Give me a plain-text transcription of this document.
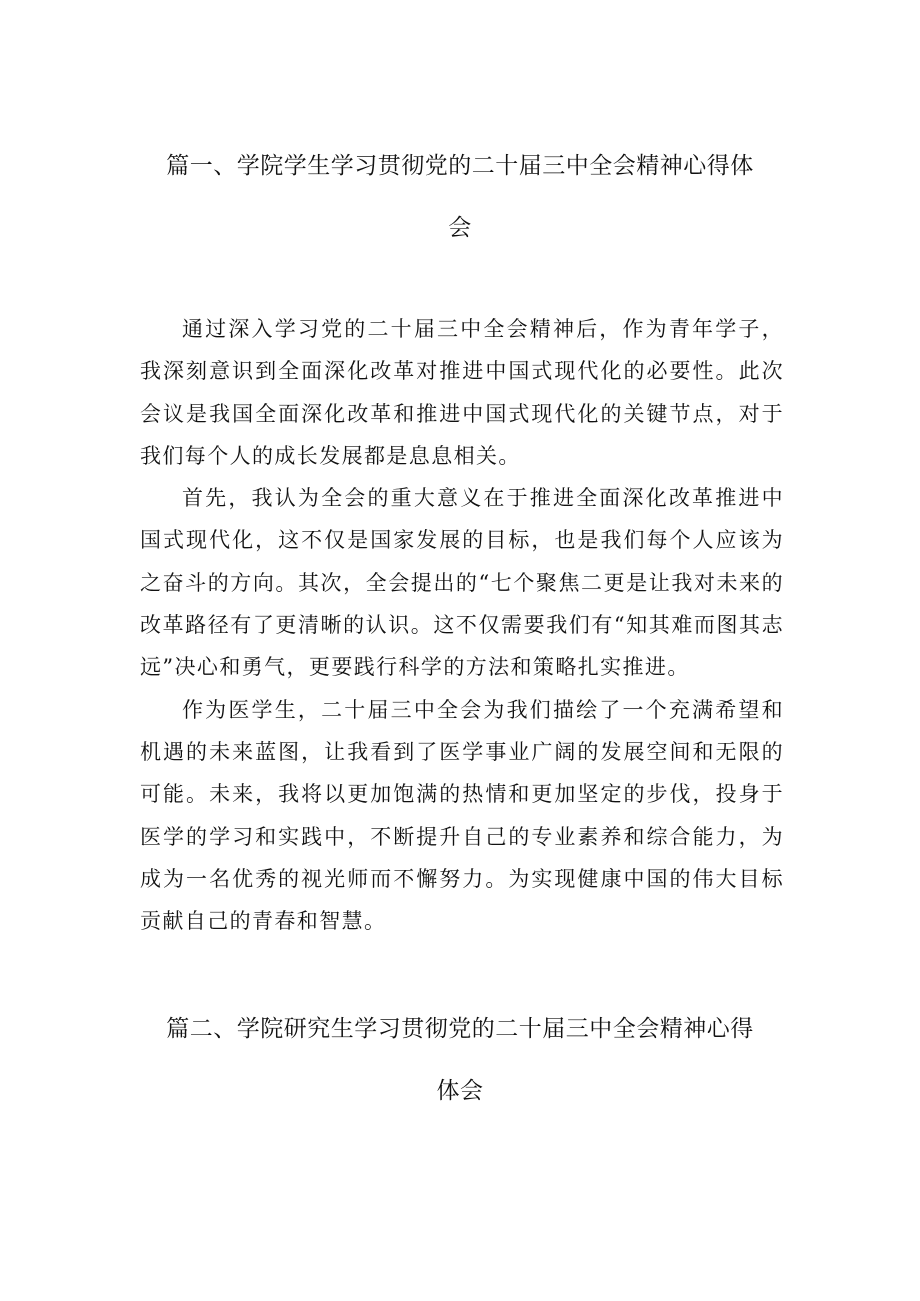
篇一、学院学生学习贯彻党的二十届三中全会精神心得体
会

通过深入学习党的二十届三中全会精神后，作为青年学子，我深刻意识到全面深化改革对推进中国式现代化的必要性。此次会议是我国全面深化改革和推进中国式现代化的关键节点，对于我们每个人的成长发展都是息息相关。

首先，我认为全会的重大意义在于推进全面深化改革推进中国式现代化，这不仅是国家发展的目标，也是我们每个人应该为之奋斗的方向。其次，全会提出的“七个聚焦二更是让我对未来的改革路径有了更清晰的认识。这不仅需要我们有“知其难而图其志远”决心和勇气，更要践行科学的方法和策略扎实推进。

作为医学生，二十届三中全会为我们描绘了一个充满希望和机遇的未来蓝图，让我看到了医学事业广阔的发展空间和无限的可能。未来，我将以更加饱满的热情和更加坚定的步伐，投身于医学的学习和实践中，不断提升自己的专业素养和综合能力，为成为一名优秀的视光师而不懈努力。为实现健康中国的伟大目标贡献自己的青春和智慧。

篇二、学院研究生学习贯彻党的二十届三中全会精神心得
体会
